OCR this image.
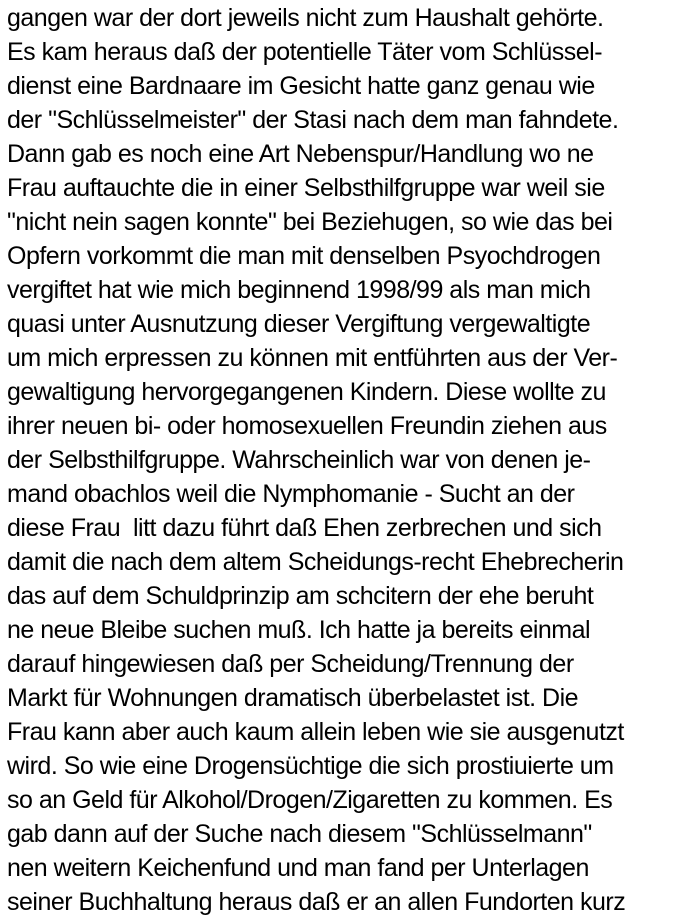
gangen war der dort jeweils nicht zum Haushalt gehörte.
Es kam heraus daß der potentielle Täter vom Schlüssel-
dienst eine Bardnaare im Gesicht hatte ganz genau wie
der "Schlüsselmeister" der Stasi nach dem man fahndete.
Dann gab es noch eine Art Nebenspur/Handlung wo ne
Frau auftauchte die in einer Selbsthilfgruppe war weil sie
"nicht nein sagen konnte" bei Beziehugen, so wie das bei
Opfern vorkommt die man mit denselben Psyochdrogen
vergiftet hat wie mich beginnend 1998/99 als man mich
quasi unter Ausnutzung dieser Vergiftung vergewaltigte
um mich erpressen zu können mit entführten aus der Ver-
gewaltigung hervorgegangenen Kindern. Diese wollte zu
ihrer neuen bi- oder homosexuellen Freundin ziehen aus
der Selbsthilfgruppe. Wahrscheinlich war von denen je-
mand obachlos weil die Nymphomanie - Sucht an der
diese Frau  litt dazu führt daß Ehen zerbrechen und sich
damit die nach dem altem Scheidungs-recht Ehebrecherin
das auf dem Schuldprinzip am schcitern der ehe beruht
ne neue Bleibe suchen muß. Ich hatte ja bereits einmal
darauf hingewiesen daß per Scheidung/Trennung der
Markt für Wohnungen dramatisch überbelastet ist. Die
Frau kann aber auch kaum allein leben wie sie ausgenutzt
wird. So wie eine Drogensüchtige die sich prostiuierte um
so an Geld für Alkohol/Drogen/Zigaretten zu kommen. Es
gab dann auf der Suche nach diesem "Schlüsselmann"
nen weitern Keichenfund und man fand per Unterlagen
seiner Buchhaltung heraus daß er an allen Fundorten kurz
